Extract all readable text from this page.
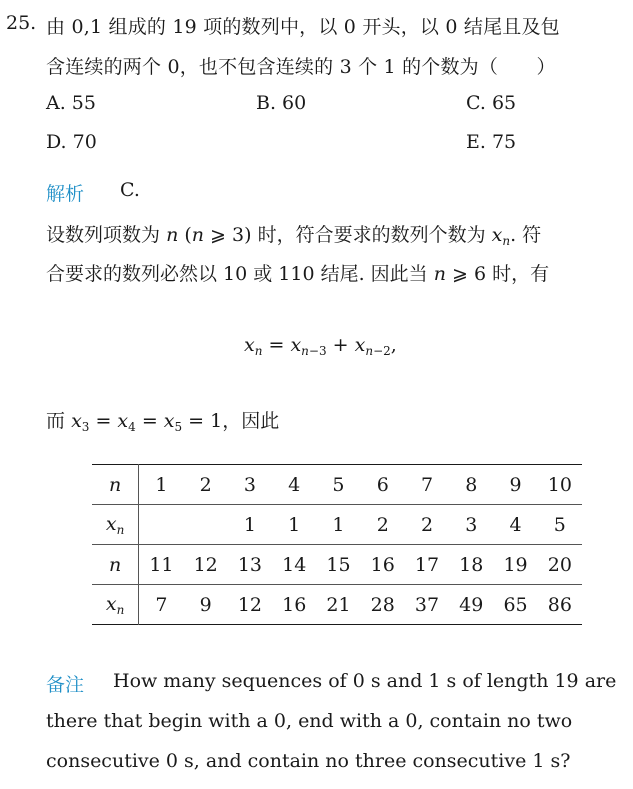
25. 由 0,1 组成的 19 项的数列中，以 0 开头，以 0 结尾且及包
含连续的两个 0，也不包含连续的 3 个 1 的个数为（　　）
A. 55	B. 60	C. 65
D. 70	E. 75
解析 C.
设数列项数为 n (n ⩾ 3) 时，符合要求的数列个数为 $x_n$. 符
合要求的数列必然以 10 或 110 结尾. 因此当 n ⩾ 6 时，有
$x_n = x_{n-3} + x_{n-2}$,
而 $x_3 = x_4 = x_5 = 1$，因此
n	1	2	3	4	5	6	7	8	9	10
$x_n$			1	1	1	2	2	3	4	5
n	11	12	13	14	15	16	17	18	19	20
$x_n$	7	9	12	16	21	28	37	49	65	86
备注 How many sequences of 0 s and 1 s of length 19 are
there that begin with a 0, end with a 0, contain no two
consecutive 0 s, and contain no three consecutive 1 s?
